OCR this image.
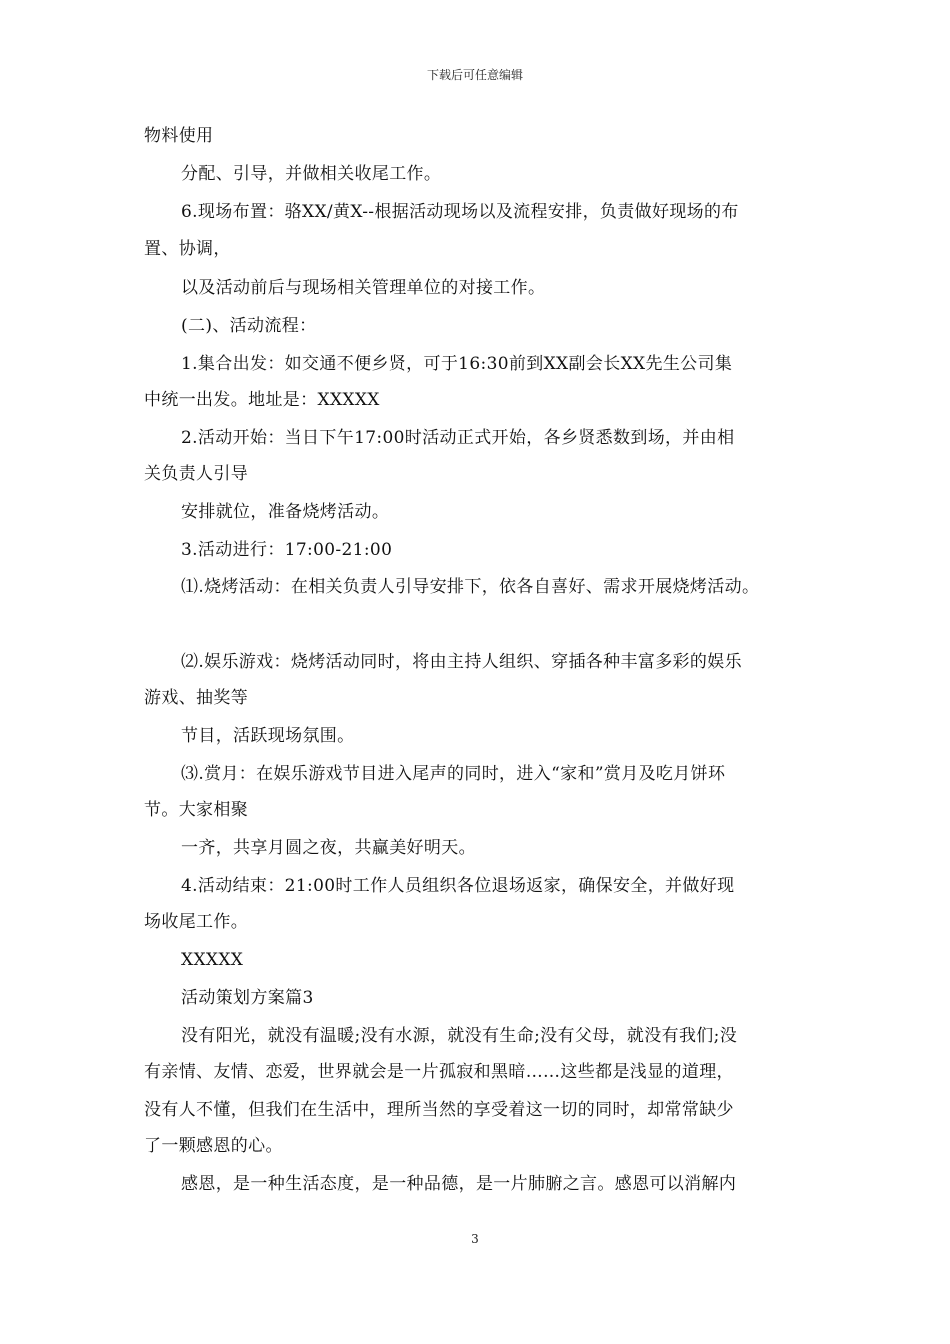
下载后可任意编辑
物料使用
分配、引导，并做相关收尾工作。
6.现场布置：骆XX/黄X--根据活动现场以及流程安排，负责做好现场的布
置、协调，
以及活动前后与现场相关管理单位的对接工作。
(二)、活动流程：
1.集合出发：如交通不便乡贤，可于16:30前到XX副会长XX先生公司集
中统一出发。地址是：XXXXX
2.活动开始：当日下午17:00时活动正式开始，各乡贤悉数到场，并由相
关负责人引导
安排就位，准备烧烤活动。
3.活动进行：17:00-21:00
⑴.烧烤活动：在相关负责人引导安排下，依各自喜好、需求开展烧烤活动。
⑵.娱乐游戏：烧烤活动同时，将由主持人组织、穿插各种丰富多彩的娱乐
游戏、抽奖等
节目，活跃现场氛围。
⑶.赏月：在娱乐游戏节目进入尾声的同时，进入“家和”赏月及吃月饼环
节。大家相聚
一齐，共享月圆之夜，共赢美好明天。
4.活动结束：21:00时工作人员组织各位退场返家，确保安全，并做好现
场收尾工作。
XXXXX
活动策划方案篇3
没有阳光，就没有温暖;没有水源，就没有生命;没有父母，就没有我们;没
有亲情、友情、恋爱，世界就会是一片孤寂和黑暗……这些都是浅显的道理，
没有人不懂，但我们在生活中，理所当然的享受着这一切的同时，却常常缺少
了一颗感恩的心。
感恩，是一种生活态度，是一种品德，是一片肺腑之言。感恩可以消解内
3
